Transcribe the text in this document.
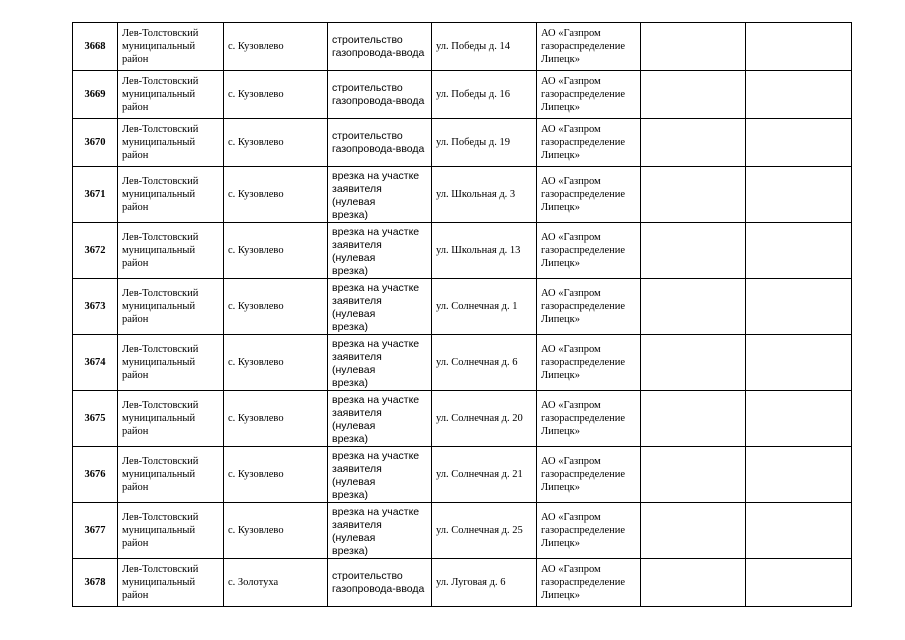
3668	Лев-Толстовский
муниципальный
район	с. Кузовлево	строительство
газопровода-ввода	ул. Победы д. 14	АО «Газпром
газораспределение
Липецк»		
3669	Лев-Толстовский
муниципальный
район	с. Кузовлево	строительство
газопровода-ввода	ул. Победы д. 16	АО «Газпром
газораспределение
Липецк»		
3670	Лев-Толстовский
муниципальный
район	с. Кузовлево	строительство
газопровода-ввода	ул. Победы д. 19	АО «Газпром
газораспределение
Липецк»		
3671	Лев-Толстовский
муниципальный
район	с. Кузовлево	врезка на участке
заявителя (нулевая
врезка)	ул. Школьная д. 3	АО «Газпром
газораспределение
Липецк»		
3672	Лев-Толстовский
муниципальный
район	с. Кузовлево	врезка на участке
заявителя (нулевая
врезка)	ул. Школьная д. 13	АО «Газпром
газораспределение
Липецк»		
3673	Лев-Толстовский
муниципальный
район	с. Кузовлево	врезка на участке
заявителя (нулевая
врезка)	ул. Солнечная д. 1	АО «Газпром
газораспределение
Липецк»		
3674	Лев-Толстовский
муниципальный
район	с. Кузовлево	врезка на участке
заявителя (нулевая
врезка)	ул. Солнечная д. 6	АО «Газпром
газораспределение
Липецк»		
3675	Лев-Толстовский
муниципальный
район	с. Кузовлево	врезка на участке
заявителя (нулевая
врезка)	ул. Солнечная д. 20	АО «Газпром
газораспределение
Липецк»		
3676	Лев-Толстовский
муниципальный
район	с. Кузовлево	врезка на участке
заявителя (нулевая
врезка)	ул. Солнечная д. 21	АО «Газпром
газораспределение
Липецк»		
3677	Лев-Толстовский
муниципальный
район	с. Кузовлево	врезка на участке
заявителя (нулевая
врезка)	ул. Солнечная д. 25	АО «Газпром
газораспределение
Липецк»		
3678	Лев-Толстовский
муниципальный
район	с. Золотуха	строительство
газопровода-ввода	ул. Луговая д. 6	АО «Газпром
газораспределение
Липецк»		
